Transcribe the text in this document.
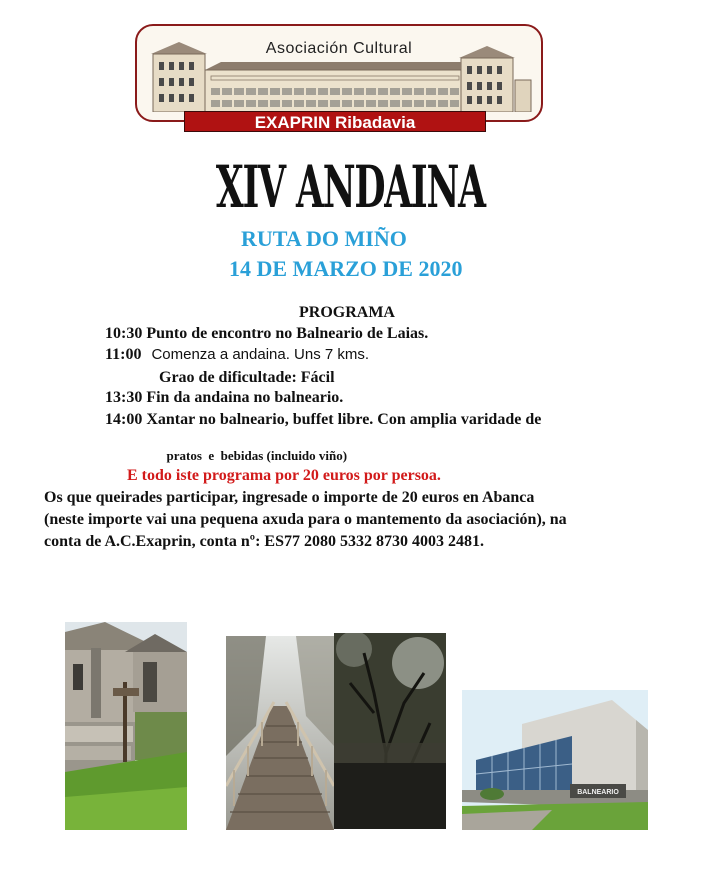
Asociación Cultural
EXAPRIN Ribadavia
XIV ANDAINA
RUTA DO MIÑO
14 DE MARZO DE 2020
PROGRAMA
10:30 Punto de encontro no Balneario de Laias.
11:00 Comenza a andaina. Uns 7 kms.
Grao de dificultade: Fácil
13:30 Fin da andaina no balneario.
14:00 Xantar no balneario, buffet libre. Con amplia varidade de

pratos  e  bebidas (incluido viño)

E todo iste programa por 20 euros por persoa.
Os que queirades participar, ingresade o importe de 20 euros en Abanca
(neste importe vai una pequena axuda para o mantemento da asociación), na
conta de A.C.Exaprin, conta nº: ES77 2080 5332 8730 4003 2481.
BALNEARIO
